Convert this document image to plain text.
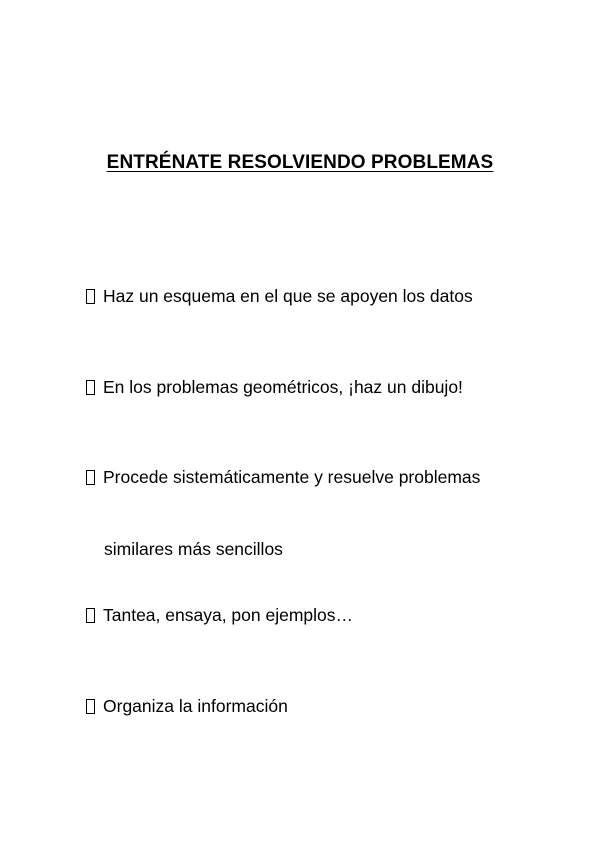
ENTRÉNATE RESOLVIENDO PROBLEMAS
Haz un esquema en el que se apoyen los datos
En los problemas geométricos, ¡haz un dibujo!
Procede sistemáticamente y resuelve problemas
similares más sencillos
Tantea, ensaya, pon ejemplos…
Organiza la información
